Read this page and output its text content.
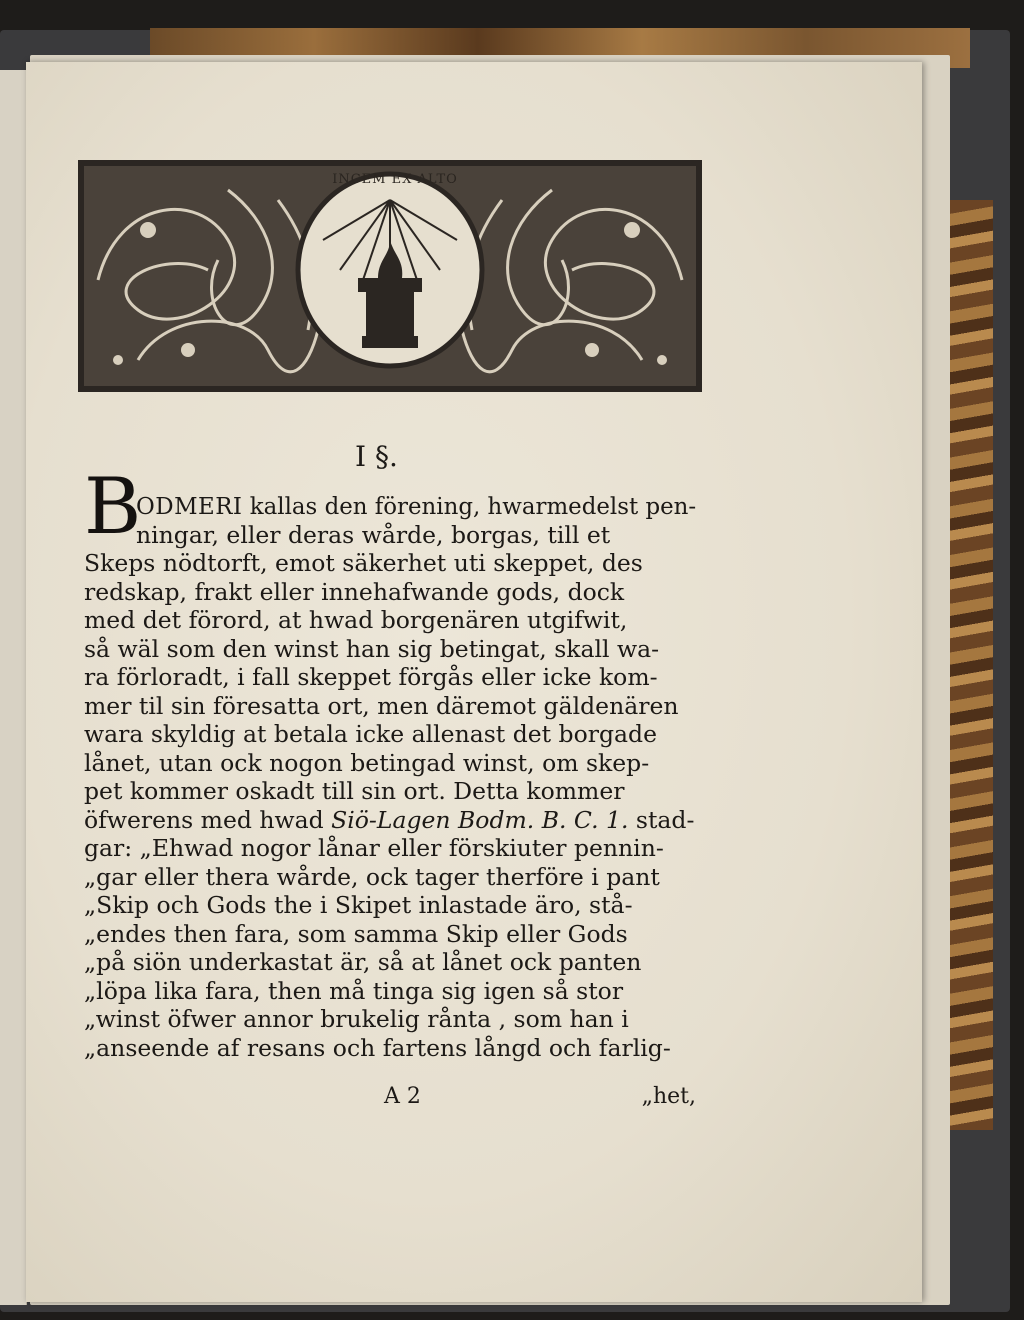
INCEM EX ALTO
I §.
B
ODMERI kallas den förening, hwarmedelst pen-
ningar, eller deras wårde, borgas, till et
Skeps nödtorft, emot säkerhet uti skeppet, des
redskap, frakt eller innehafwande gods, dock
med det förord, at hwad borgenären utgifwit,
så wäl som den winst han sig betingat, skall wa-
ra förloradt, i fall skeppet förgås eller icke kom-
mer til sin föresatta ort, men däremot gäldenären
wara skyldig at betala icke allenast det borgade
lånet, utan ock nogon betingad winst, om skep-
pet kommer oskadt till sin ort. Detta kommer
öfwerens med hwad Siö-Lagen Bodm. B. C. 1. stad-
gar: „Ehwad nogor lånar eller förskiuter pennin-
„gar eller thera wårde, ock tager therföre i pant
„Skip och Gods the i Skipet inlastade äro, stå-
„endes then fara, som samma Skip eller Gods
„på siön underkastat är, så at lånet ock panten
„löpa lika fara, then må tinga sig igen så stor
„winst öfwer annor brukelig rånta , som han i
„anseende af resans och fartens långd och farlig-
A 2	„het,
